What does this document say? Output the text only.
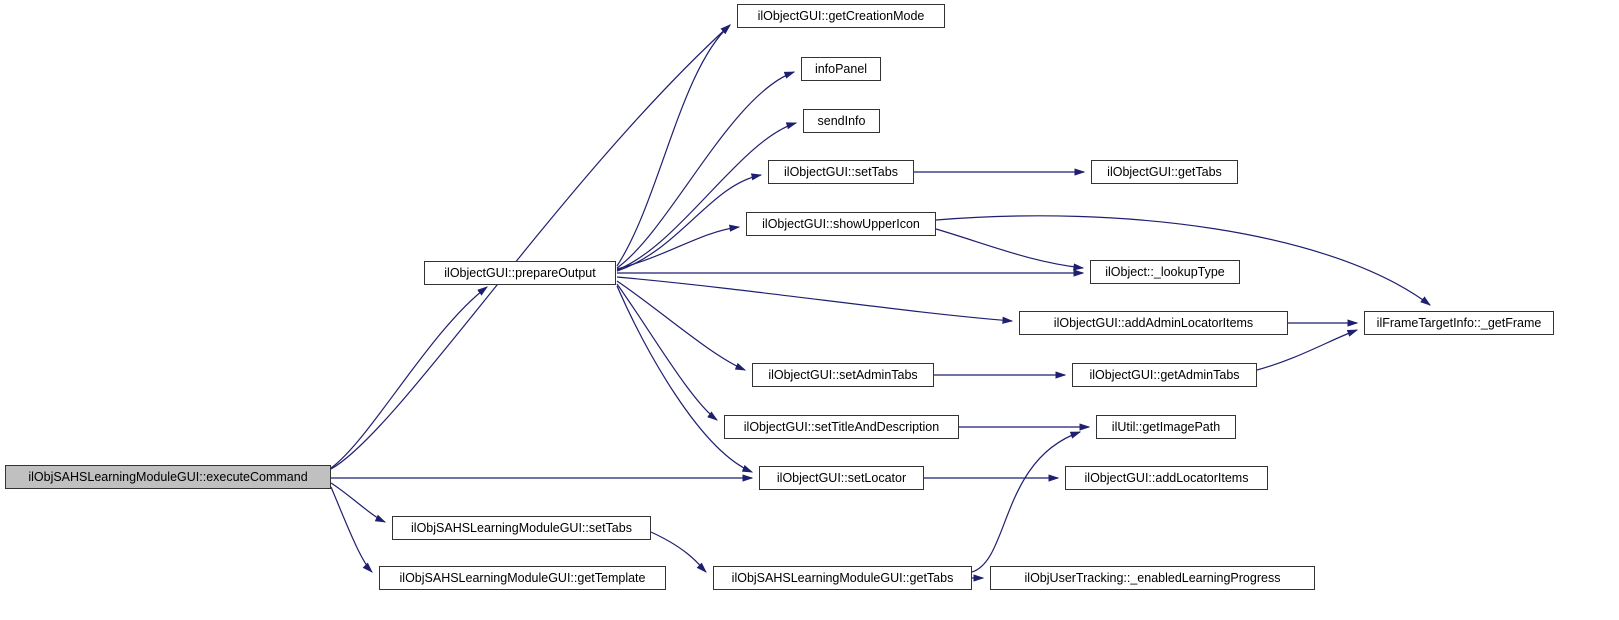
ilObjSAHSLearningModuleGUI::executeCommand
ilObjectGUI::prepareOutput
ilObjectGUI::getCreationMode
infoPanel
sendInfo
ilObjectGUI::setTabs
ilObjectGUI::showUpperIcon
ilObjectGUI::getTabs
ilObject::_lookupType
ilObjectGUI::addAdminLocatorItems	ilFrameTargetInfo::_getFrame
ilObjectGUI::setAdminTabs	ilObjectGUI::getAdminTabs
ilObjectGUI::setTitleAndDescription	ilUtil::getImagePath
ilObjectGUI::setLocator	ilObjectGUI::addLocatorItems
ilObjSAHSLearningModuleGUI::setTabs
ilObjSAHSLearningModuleGUI::getTemplate	ilObjSAHSLearningModuleGUI::getTabs	ilObjUserTracking::_enabledLearningProgress
